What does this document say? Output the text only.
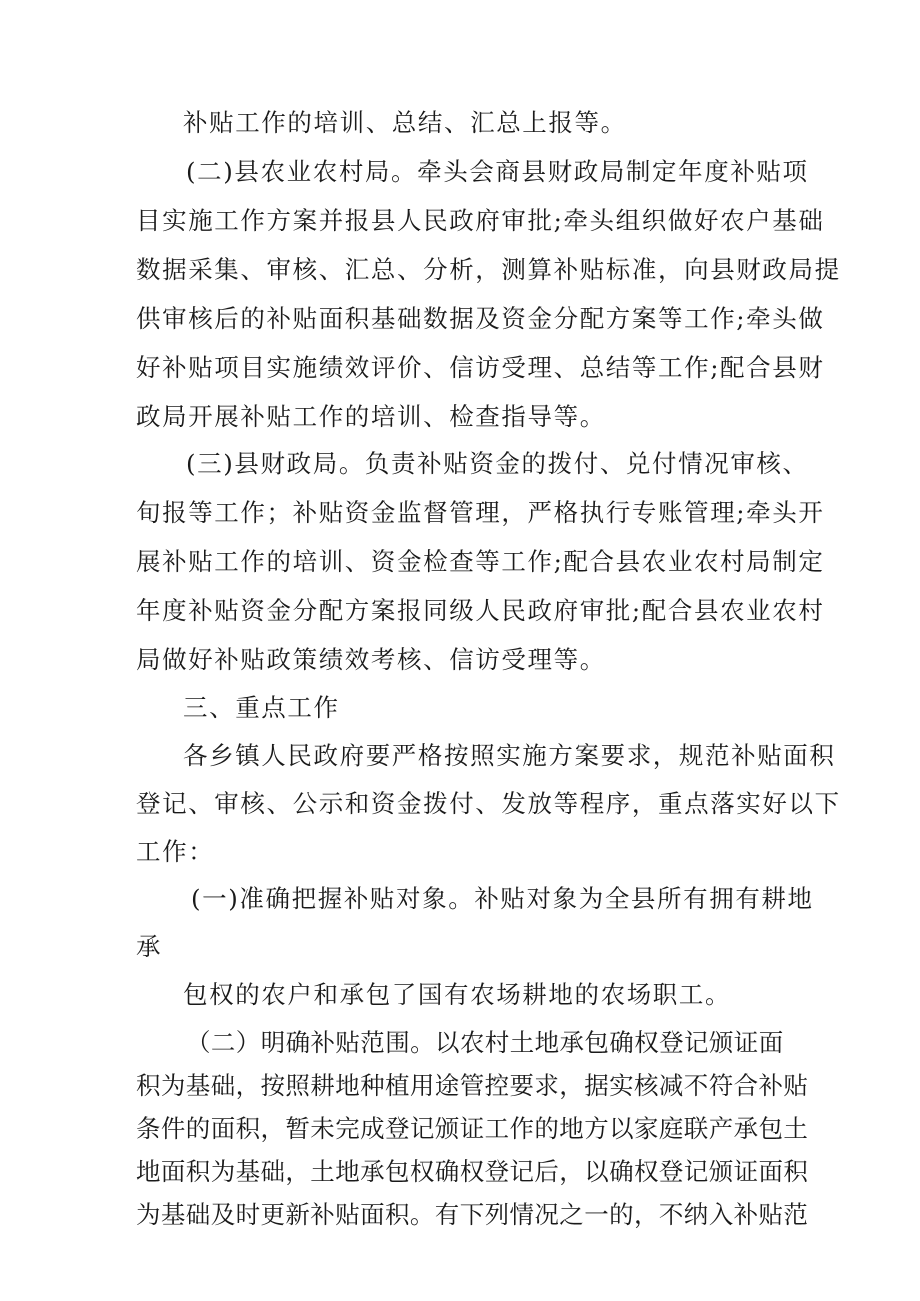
补贴工作的培训、总结、汇总上报等。
(二)县农业农村局。牵头会商县财政局制定年度补贴项
目实施工作方案并报县人民政府审批;牵头组织做好农户基础
数据采集、审核、汇总、分析，测算补贴标准，向县财政局提
供审核后的补贴面积基础数据及资金分配方案等工作;牵头做
好补贴项目实施绩效评价、信访受理、总结等工作;配合县财
政局开展补贴工作的培训、检查指导等。
(三)县财政局。负责补贴资金的拨付、兑付情况审核、
旬报等工作；补贴资金监督管理，严格执行专账管理;牵头开
展补贴工作的培训、资金检查等工作;配合县农业农村局制定
年度补贴资金分配方案报同级人民政府审批;配合县农业农村
局做好补贴政策绩效考核、信访受理等。
三、重点工作
各乡镇人民政府要严格按照实施方案要求，规范补贴面积
登记、审核、公示和资金拨付、发放等程序，重点落实好以下
工作：
(一)准确把握补贴对象。补贴对象为全县所有拥有耕地
承
包权的农户和承包了国有农场耕地的农场职工。
（二）明确补贴范围。以农村土地承包确权登记颁证面
积为基础，按照耕地种植用途管控要求，据实核减不符合补贴
条件的面积，暂未完成登记颁证工作的地方以家庭联产承包土
地面积为基础，土地承包权确权登记后，以确权登记颁证面积
为基础及时更新补贴面积。有下列情况之一的，不纳入补贴范
